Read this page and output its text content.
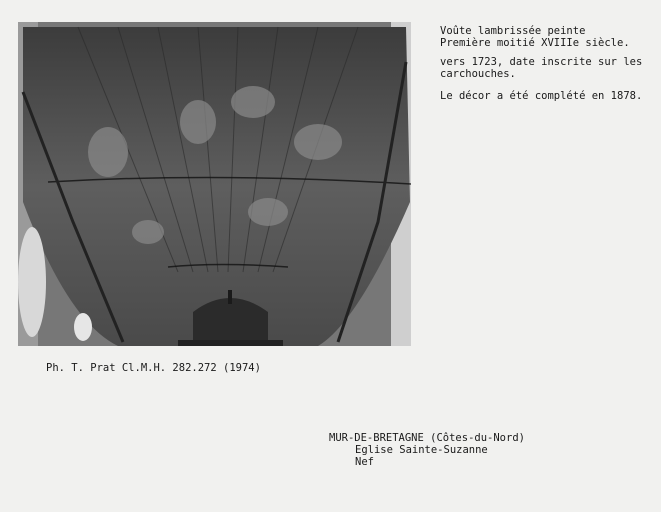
Voûte lambrissée peinte
Première moitié XVIIIe siècle.
vers 1723, date inscrite sur les
carchouches.
Le décor a été complété en 1878.
Ph. T. Prat Cl.M.H. 282.272 (1974)
MUR-DE-BRETAGNE (Côtes-du-Nord)
Eglise Sainte-Suzanne
Nef
